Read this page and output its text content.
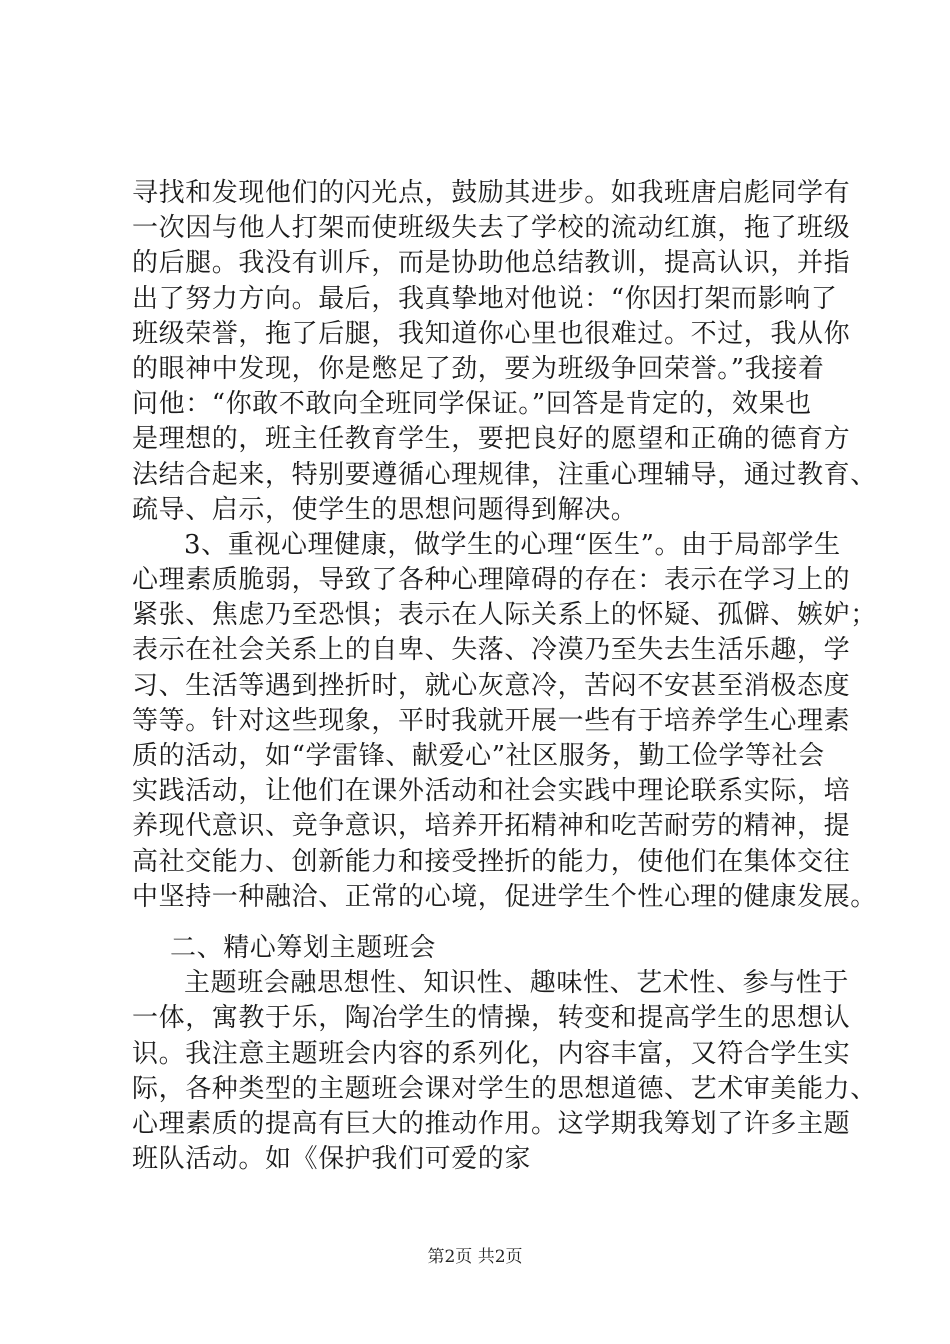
寻找和发现他们的闪光点，鼓励其进步。如我班唐启彪同学有
一次因与他人打架而使班级失去了学校的流动红旗，拖了班级
的后腿。我没有训斥，而是协助他总结教训，提高认识，并指
出了努力方向。最后，我真挚地对他说：“你因打架而影响了
班级荣誉，拖了后腿，我知道你心里也很难过。不过，我从你
的眼神中发现，你是憋足了劲，要为班级争回荣誉。”我接着
问他：“你敢不敢向全班同学保证。”回答是肯定的，效果也
是理想的，班主任教育学生，要把良好的愿望和正确的德育方
法结合起来，特别要遵循心理规律，注重心理辅导，通过教育、
疏导、启示，使学生的思想问题得到解决。
3、重视心理健康，做学生的心理“医生”。由于局部学生
心理素质脆弱，导致了各种心理障碍的存在：表示在学习上的
紧张、焦虑乃至恐惧；表示在人际关系上的怀疑、孤僻、嫉妒；
表示在社会关系上的自卑、失落、冷漠乃至失去生活乐趣，学
习、生活等遇到挫折时，就心灰意冷，苦闷不安甚至消极态度
等等。针对这些现象，平时我就开展一些有于培养学生心理素
质的活动，如“学雷锋、献爱心”社区服务，勤工俭学等社会
实践活动，让他们在课外活动和社会实践中理论联系实际，培
养现代意识、竞争意识，培养开拓精神和吃苦耐劳的精神，提
高社交能力、创新能力和接受挫折的能力，使他们在集体交往
中坚持一种融洽、正常的心境，促进学生个性心理的健康发展。
二、精心筹划主题班会
主题班会融思想性、知识性、趣味性、艺术性、参与性于
一体，寓教于乐，陶冶学生的情操，转变和提高学生的思想认
识。我注意主题班会内容的系列化，内容丰富，又符合学生实
际，各种类型的主题班会课对学生的思想道德、艺术审美能力、
心理素质的提高有巨大的推动作用。这学期我筹划了许多主题
班队活动。如《保护我们可爱的家
第2页 共2页
